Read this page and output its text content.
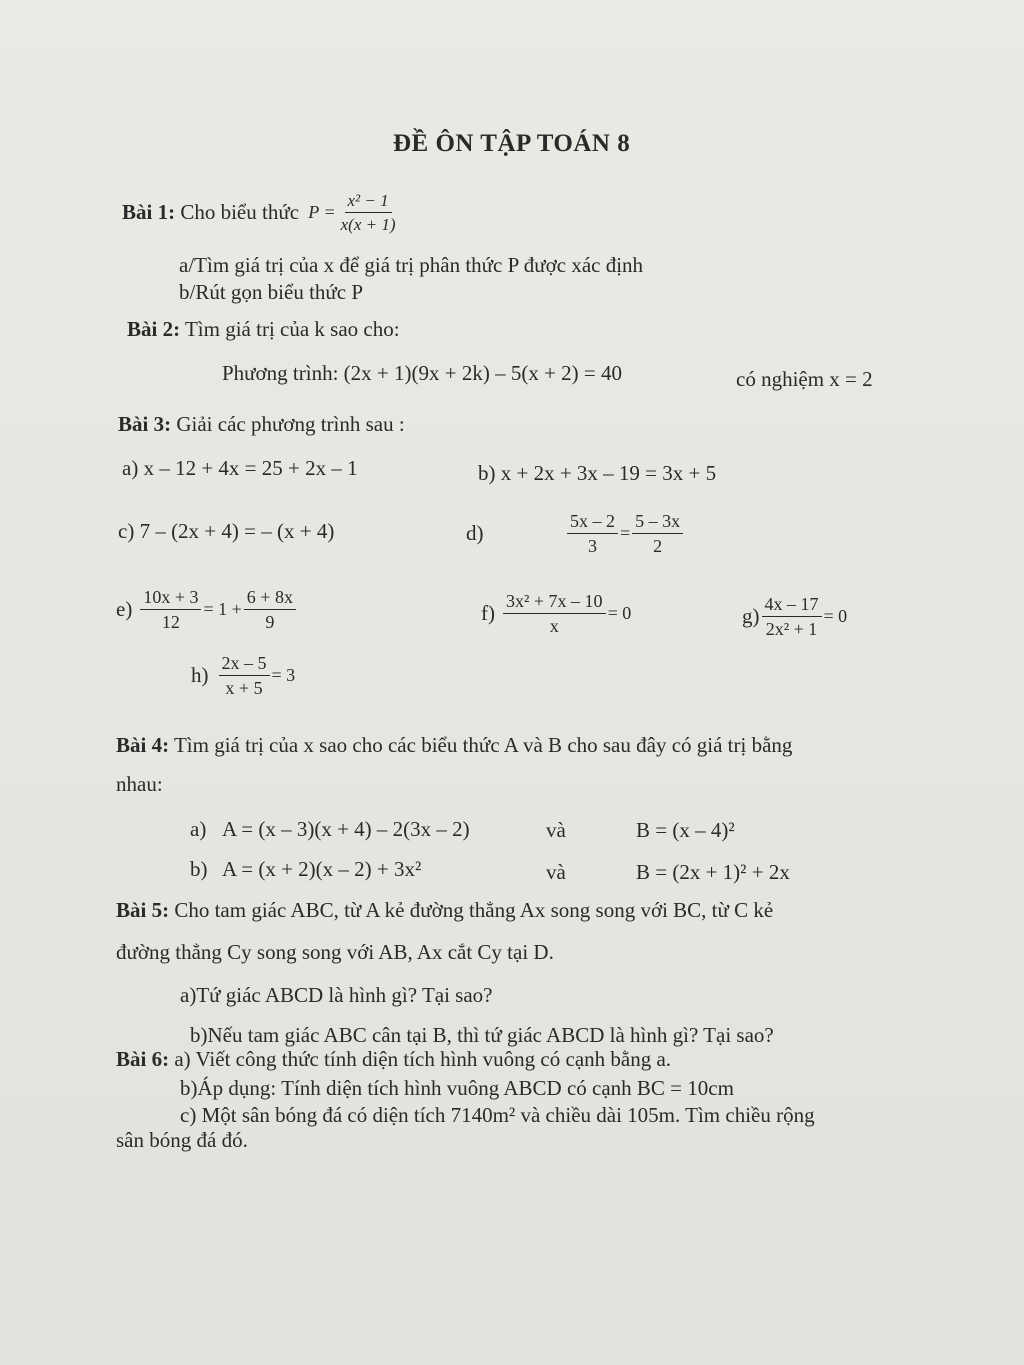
ĐỀ ÔN TẬP TOÁN 8
Bài 1: Cho biểu thức $P = \frac{\text{x² − 1}}{x(x + 1)}$
a/Tìm giá trị của x để giá trị phân thức P được xác định
b/Rút gọn biểu thức P
Bài 2: Tìm giá trị của k sao cho:
Phương trình: (2x + 1)(9x + 2k) – 5(x + 2) = 40	có nghiệm x = 2
Bài 3: Giải các phương trình sau :
a) x – 12 + 4x = 25 + 2x – 1	b) x + 2x + 3x – 19 = 3x + 5
c) 7 – (2x + 4) = – (x + 4)	d)	$\frac{5x - 2}{3} = \frac{5 - 3x}{2}$
$e) \frac{10x + 3}{12} = 1 + \frac{6 + 8x}{9}$	$f) \frac{\text{3x² + 7x – 10}}{x} = 0$	$g) \frac{4x - 17}{\text{2x² + 1}} = 0$
$h) \frac{2x - 5}{x + 5} = 3$
Bài 4: Tìm giá trị của x sao cho các biểu thức A và B cho sau đây có giá trị bằng
nhau:
a) A = (x – 3)(x + 4) – 2(3x – 2)	và	B = (x – 4)²
b) A = (x + 2)(x – 2) + 3x²	và	B = (2x + 1)² + 2x
Bài 5: Cho tam giác ABC, từ A kẻ đường thẳng Ax song song với BC, từ C kẻ
đường thẳng Cy song song với AB, Ax cắt Cy tại D.
a)Tứ giác ABCD là hình gì? Tại sao?
b)Nếu tam giác ABC cân tại B, thì tứ giác ABCD là hình gì? Tại sao?
Bài 6: a) Viết công thức tính diện tích hình vuông có cạnh bằng a.
b)Áp dụng: Tính diện tích hình vuông ABCD có cạnh BC = 10cm
c) Một sân bóng đá có diện tích 7140m² và chiều dài 105m. Tìm chiều rộng
sân bóng đá đó.
